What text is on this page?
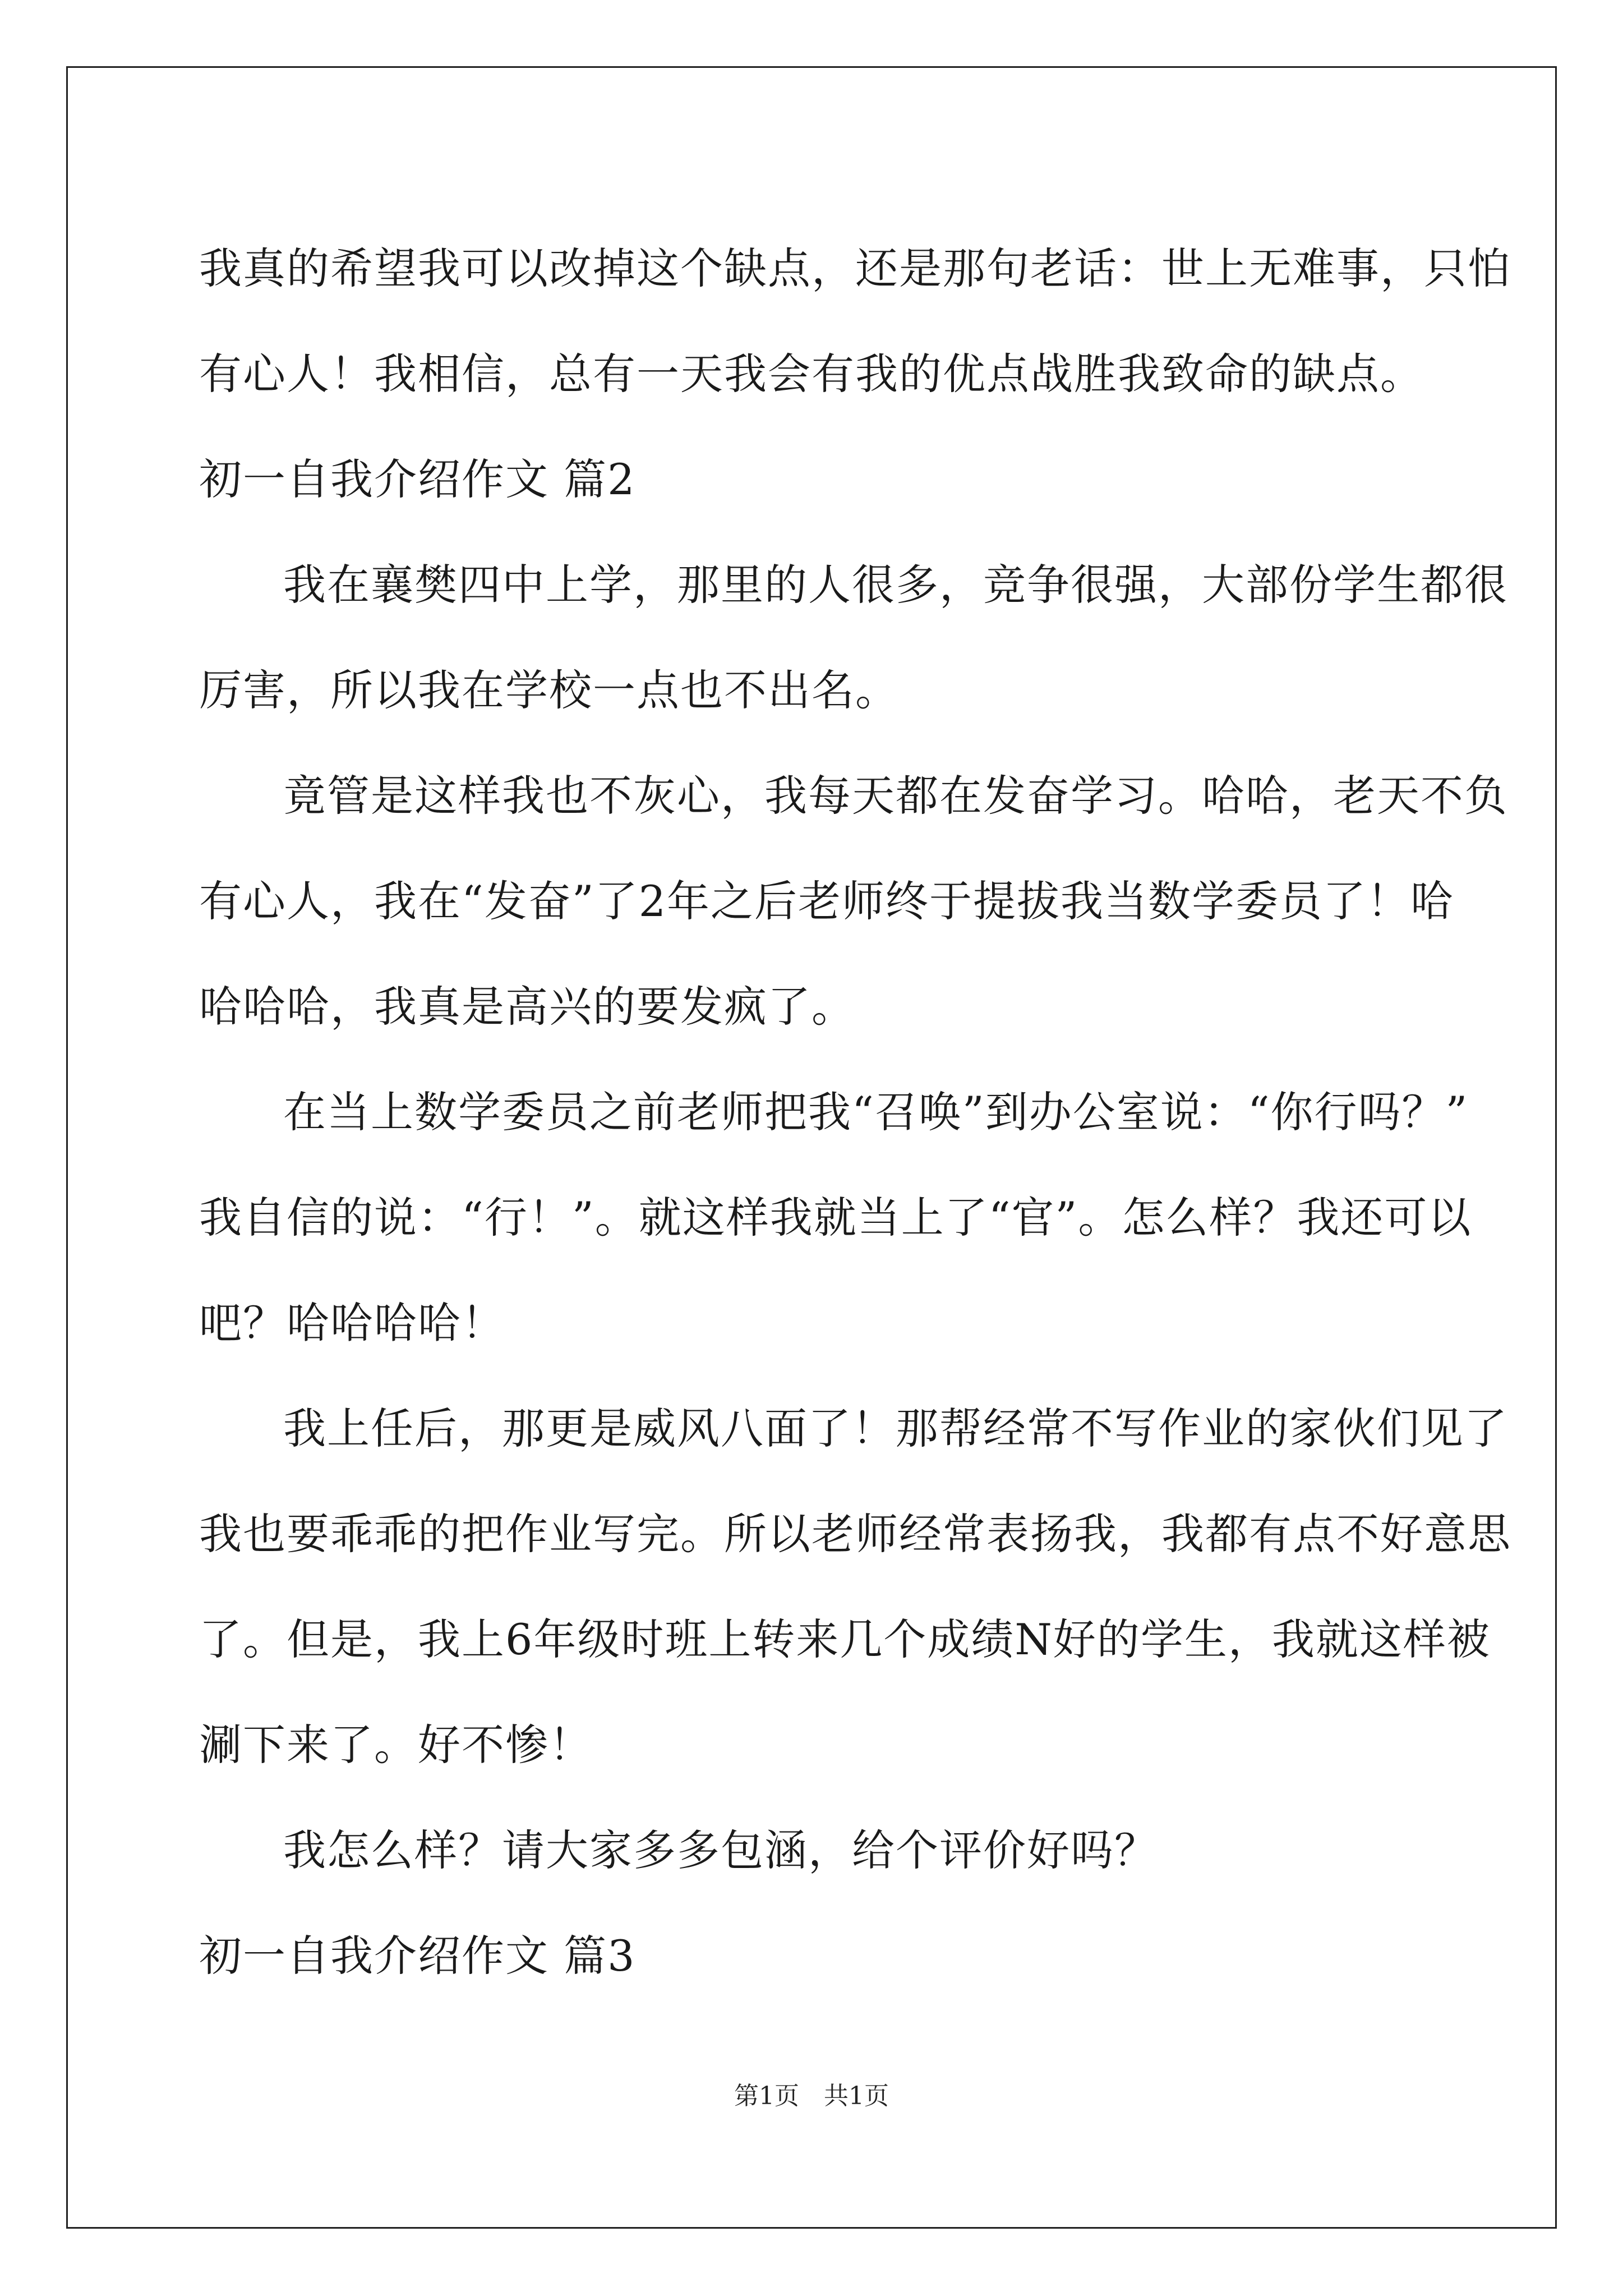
我真的希望我可以改掉这个缺点，还是那句老话：世上无难事，只怕
有心人！我相信，总有一天我会有我的优点战胜我致命的缺点。
初一自我介绍作文 篇2
我在襄樊四中上学，那里的人很多，竞争很强，大部份学生都很
厉害，所以我在学校一点也不出名。
竟管是这样我也不灰心，我每天都在发奋学习。哈哈，老天不负
有心人，我在“发奋”了2年之后老师终于提拔我当数学委员了！哈
哈哈哈，我真是高兴的要发疯了。
在当上数学委员之前老师把我“召唤”到办公室说：“你行吗？”
我自信的说：“行！”。就这样我就当上了“官”。怎么样？我还可以
吧？哈哈哈哈！
我上任后，那更是威风八面了！那帮经常不写作业的家伙们见了
我也要乖乖的把作业写完。所以老师经常表扬我，我都有点不好意思
了。但是，我上6年级时班上转来几个成绩N好的学生，我就这样被
涮下来了。好不惨！
我怎么样？请大家多多包涵，给个评价好吗？
初一自我介绍作文 篇3
第1页　共1页
